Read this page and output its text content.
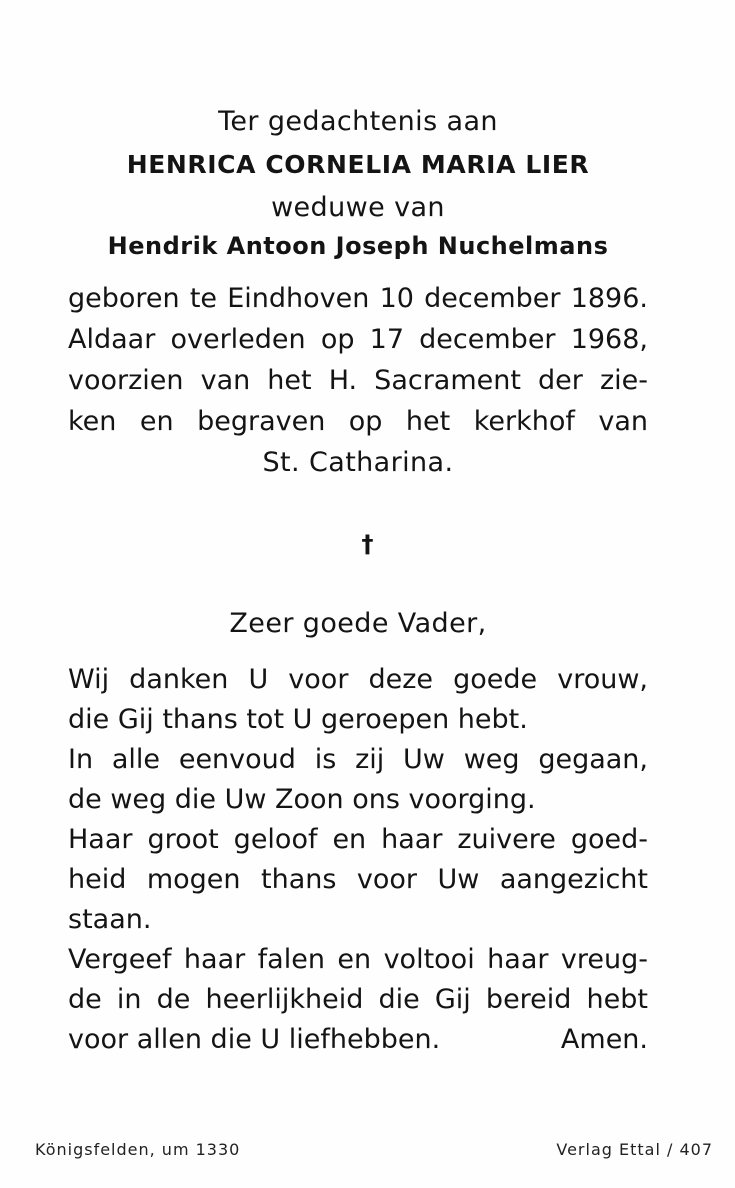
Ter gedachtenis aan
HENRICA CORNELIA MARIA LIER
weduwe van
Hendrik Antoon Joseph Nuchelmans
geboren te Eindhoven 10 december 1896.
Aldaar overleden op 17 december 1968,
voorzien van het H. Sacrament der zie-
ken en begraven op het kerkhof van
St. Catharina.
†
Zeer goede Vader,
Wij danken U voor deze goede vrouw,
die Gij thans tot U geroepen hebt.
In alle eenvoud is zij Uw weg gegaan,
de weg die Uw Zoon ons voorging.
Haar groot geloof en haar zuivere goed-
heid mogen thans voor Uw aangezicht
staan.
Vergeef haar falen en voltooi haar vreug-
de in de heerlijkheid die Gij bereid hebt
voor allen die U liefhebben.	Amen.
Königsfelden, um 1330	Verlag Ettal / 407
